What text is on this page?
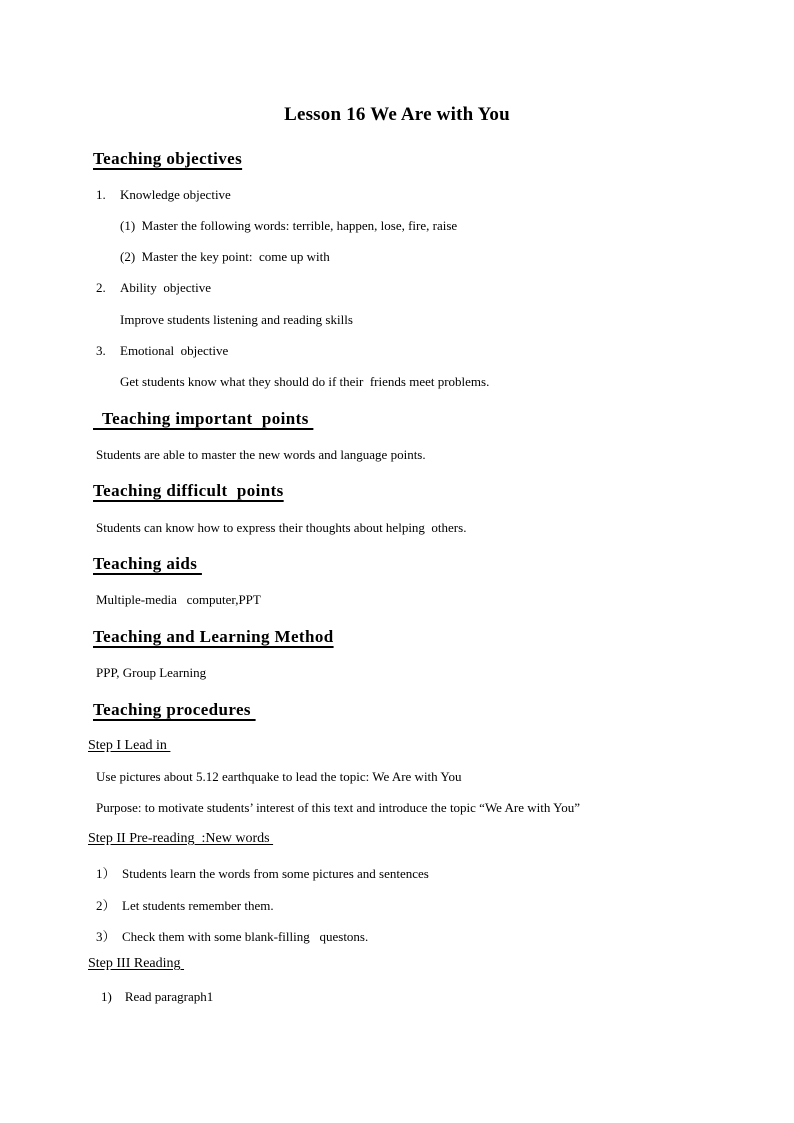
Lesson 16 We Are with You
Teaching objectives
1. Knowledge objective
(1)  Master the following words: terrible, happen, lose, fire, raise
(2)  Master the key point:  come up with
2. Ability  objective
Improve students listening and reading skills
3. Emotional  objective
Get students know what they should do if their  friends meet problems.
Teaching important  points
Students are able to master the new words and language points.
Teaching difficult  points
Students can know how to express their thoughts about helping  others.
Teaching aids
Multiple-media   computer,PPT
Teaching and Learning Method
PPP, Group Learning
Teaching procedures
Step I Lead in
Use pictures about 5.12 earthquake to lead the topic: We Are with You
Purpose: to motivate students’ interest of this text and introduce the topic “We Are with You”
Step II Pre-reading  :New words
1）  Students learn the words from some pictures and sentences
2）  Let students remember them.
3）  Check them with some blank-filling   questons.
Step III Reading
1)    Read paragraph1
